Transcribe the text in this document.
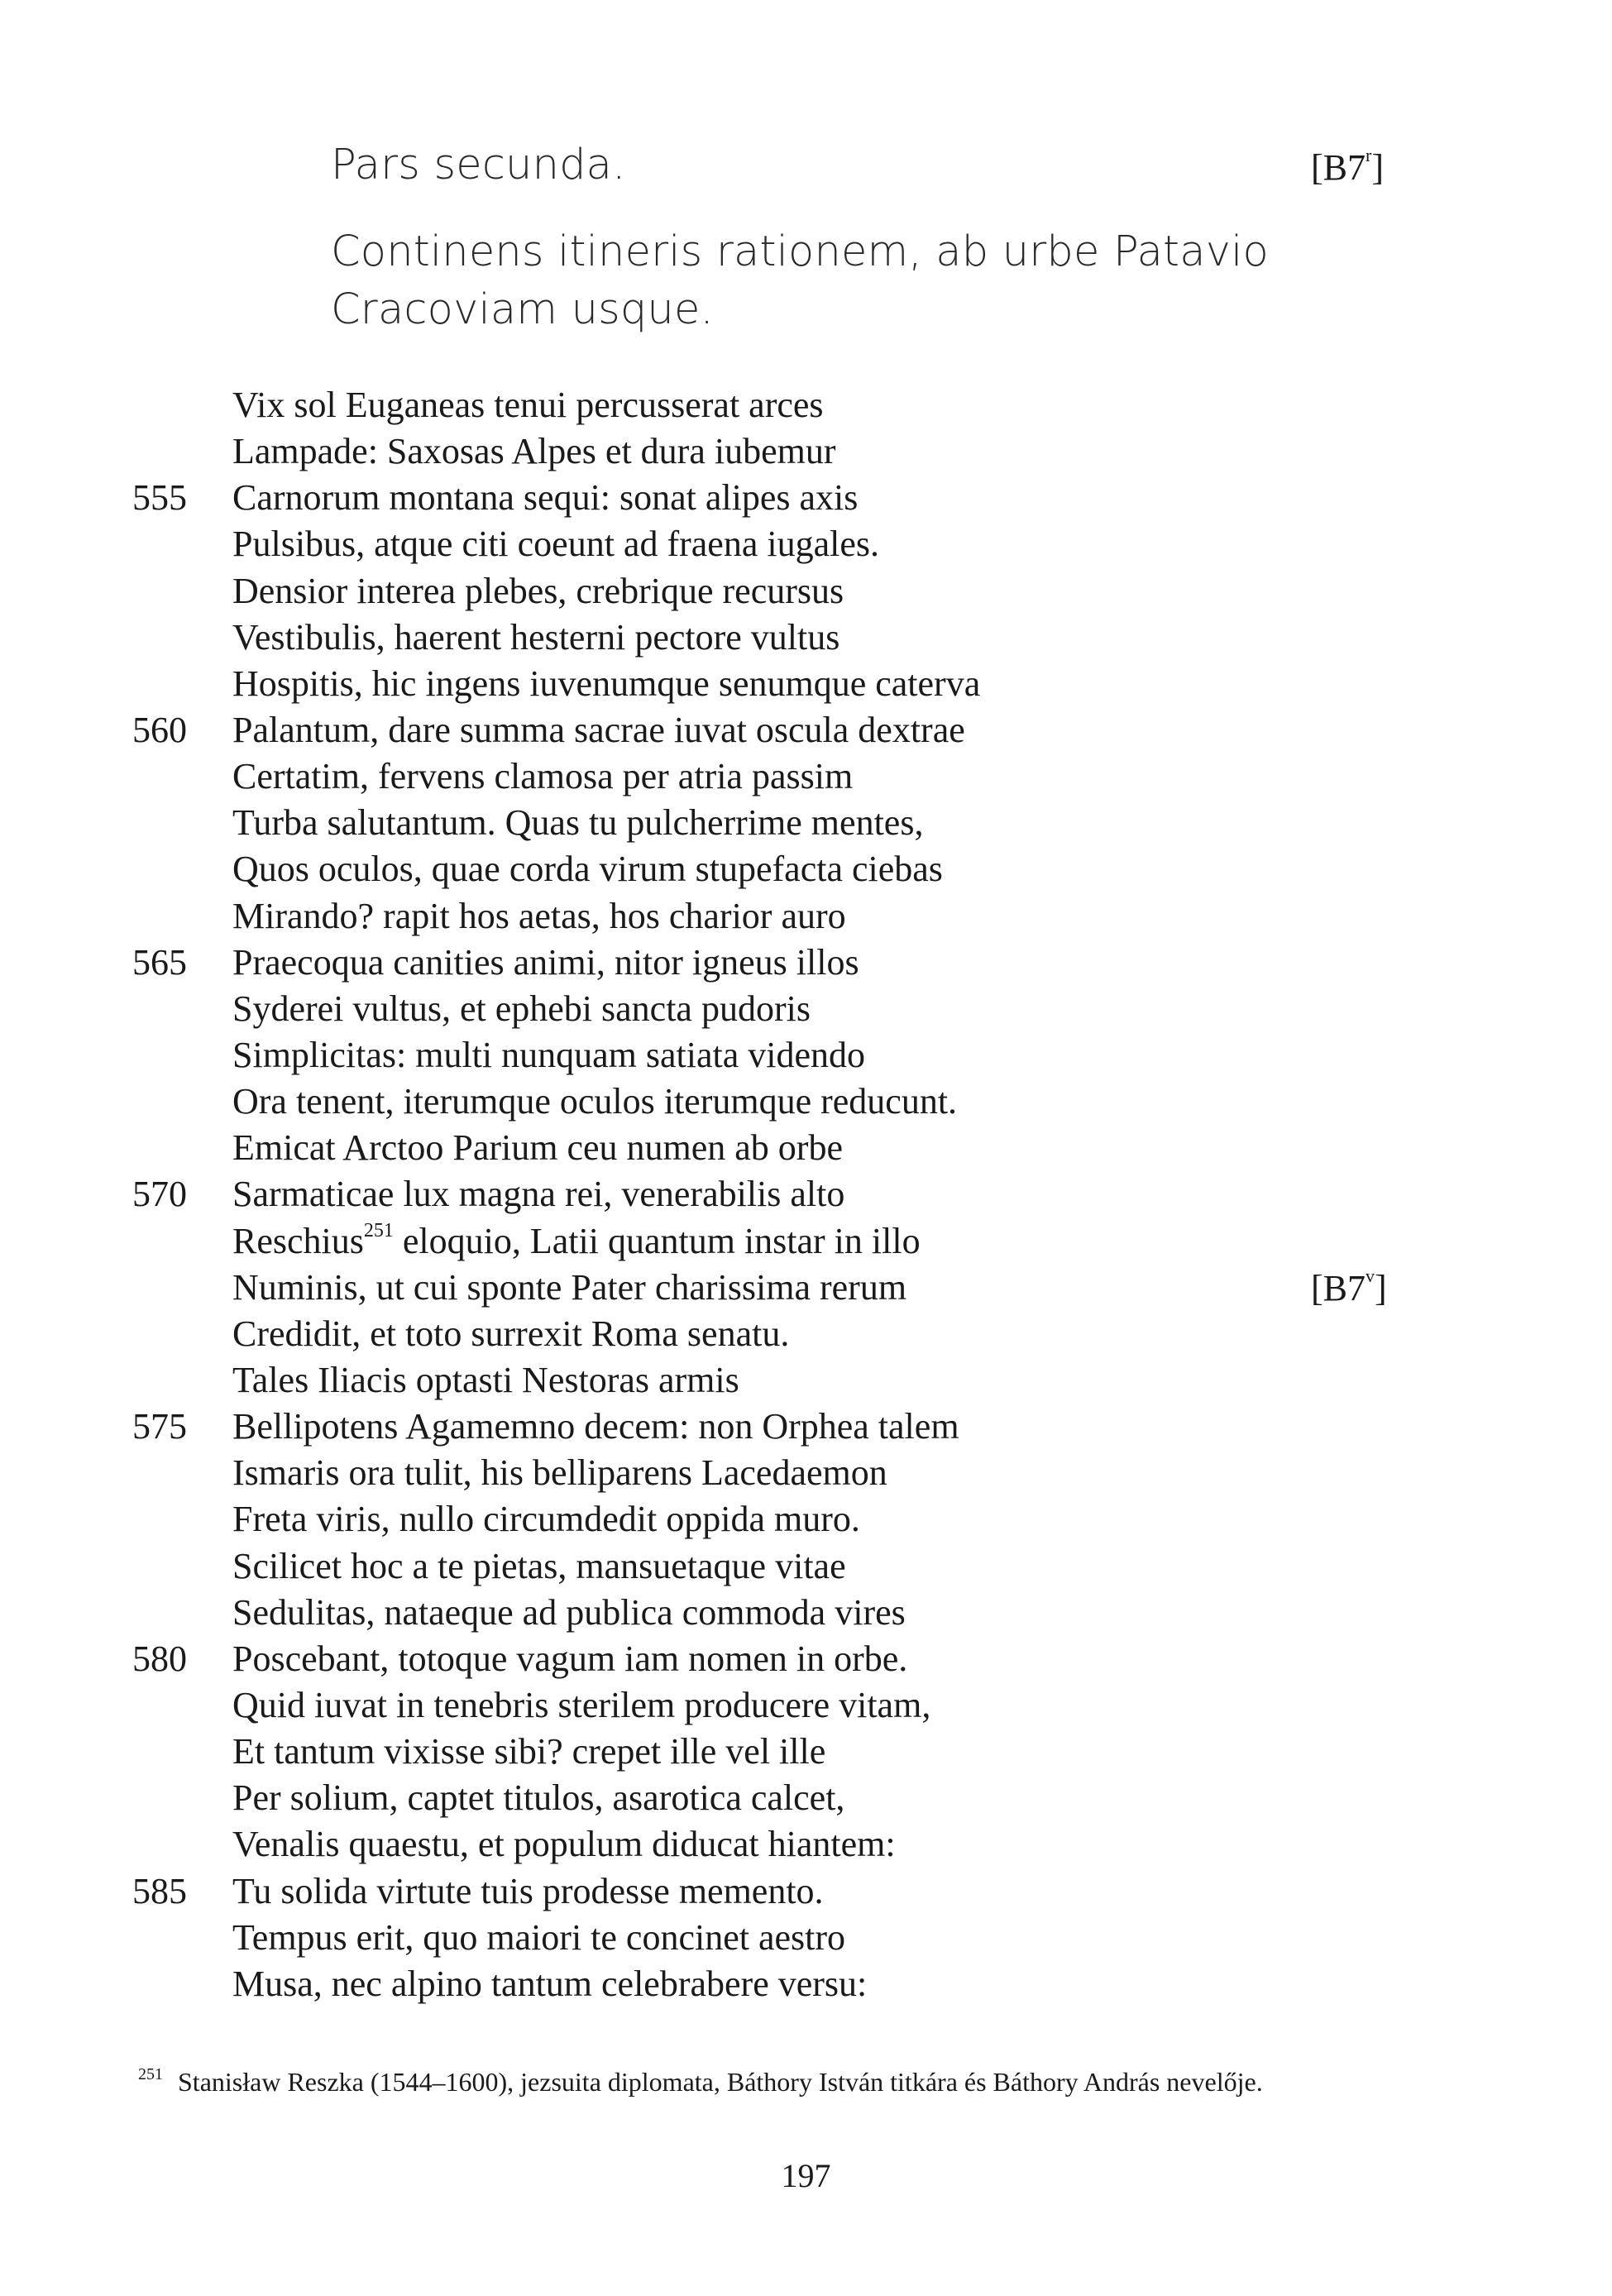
Pars secunda.
Continens itineris rationem, ab urbe Patavio Cracoviam usque.
[B7$^r$]
[B7$^v$]
Vix sol Euganeas tenui percusserat arces
Lampade: Saxosas Alpes et dura iubemur
555	Carnorum montana sequi: sonat alipes axis
Pulsibus, atque citi coeunt ad fraena iugales.
Densior interea plebes, crebrique recursus
Vestibulis, haerent hesterni pectore vultus
Hospitis, hic ingens iuvenumque senumque caterva
560	Palantum, dare summa sacrae iuvat oscula dextrae
Certatim, fervens clamosa per atria passim
Turba salutantum. Quas tu pulcherrime mentes,
Quos oculos, quae corda virum stupefacta ciebas
Mirando? rapit hos aetas, hos charior auro
565	Praecoqua canities animi, nitor igneus illos
Syderei vultus, et ephebi sancta pudoris
Simplicitas: multi nunquam satiata videndo
Ora tenent, iterumque oculos iterumque reducunt.
Emicat Arctoo Parium ceu numen ab orbe
570	Sarmaticae lux magna rei, venerabilis alto
Reschius$^{251}$ eloquio, Latii quantum instar in illo
Numinis, ut cui sponte Pater charissima rerum
Credidit, et toto surrexit Roma senatu.
Tales Iliacis optasti Nestoras armis
575	Bellipotens Agamemno decem: non Orphea talem
Ismaris ora tulit, his belliparens Lacedaemon
Freta viris, nullo circumdedit oppida muro.
Scilicet hoc a te pietas, mansuetaque vitae
Sedulitas, nataeque ad publica commoda vires
580	Poscebant, totoque vagum iam nomen in orbe.
Quid iuvat in tenebris sterilem producere vitam,
Et tantum vixisse sibi? crepet ille vel ille
Per solium, captet titulos, asarotica calcet,
Venalis quaestu, et populum diducat hiantem:
585	Tu solida virtute tuis prodesse memento.
Tempus erit, quo maiori te concinet aestro
Musa, nec alpino tantum celebrabere versu:
$^{251}$ Stanisław Reszka (1544–1600), jezsuita diplomata, Báthory István titkára és Báthory András nevelője.
197
